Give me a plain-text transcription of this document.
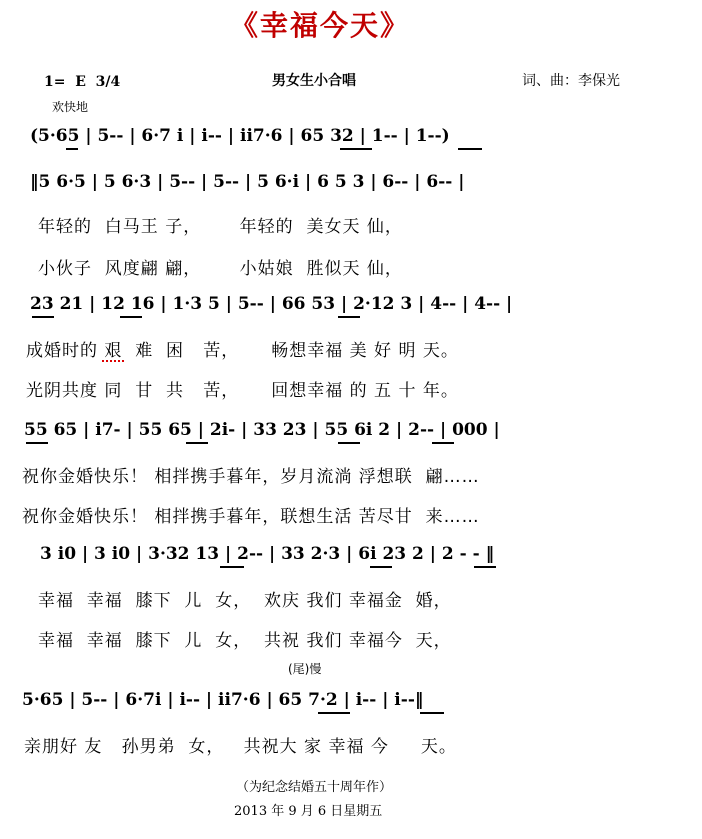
《幸福今天》
1=  E  3/4	男女生小合唱	词、曲：李保光
欢快地
(5·65 | 5-- | 6·7 i | i-- | ii7·6 | 65 32 | 1-- | 1--)
‖5 6·5 | 5 6·3 | 5-- | 5-- | 5 6·i | 6 5 3 | 6-- | 6-- |
年轻的  白马王 子，      年轻的  美女天 仙，
小伙子  风度翩 翩，      小姑娘  胜似天 仙，
23 21 | 12 16 | 1·3 5 | 5-- | 66 53 | 2·12 3 | 4-- | 4-- |
成婚时的 艰  难  困   苦，     畅想幸福 美 好 明 天。
光阴共度 同  甘  共   苦，     回想幸福 的 五 十 年。
55 65 | i7- | 55 65 | 2i- | 33 23 | 55 6i 2 | 2-- | 000 |
祝你金婚快乐！ 相拌携手暮年，岁月流淌 浮想联  翩……
祝你金婚快乐！ 相拌携手暮年，联想生活 苦尽甘  来……
3 i0 | 3 i0 | 3·32 13 | 2-- | 33 2·3 | 6i 23 2 | 2 - - ‖
幸福  幸福  膝下  儿  女，  欢庆 我们 幸福金  婚，
幸福  幸福  膝下  儿  女，  共祝 我们 幸福今  天，
(尾)慢
5·65 | 5-- | 6·7i | i-- | ii7·6 | 65 7·2 | i-- | i--‖
亲朋好 友   孙男弟  女，   共祝大 家 幸福 今     天。
（为纪念结婚五十周年作）
2013 年 9 月 6 日星期五
